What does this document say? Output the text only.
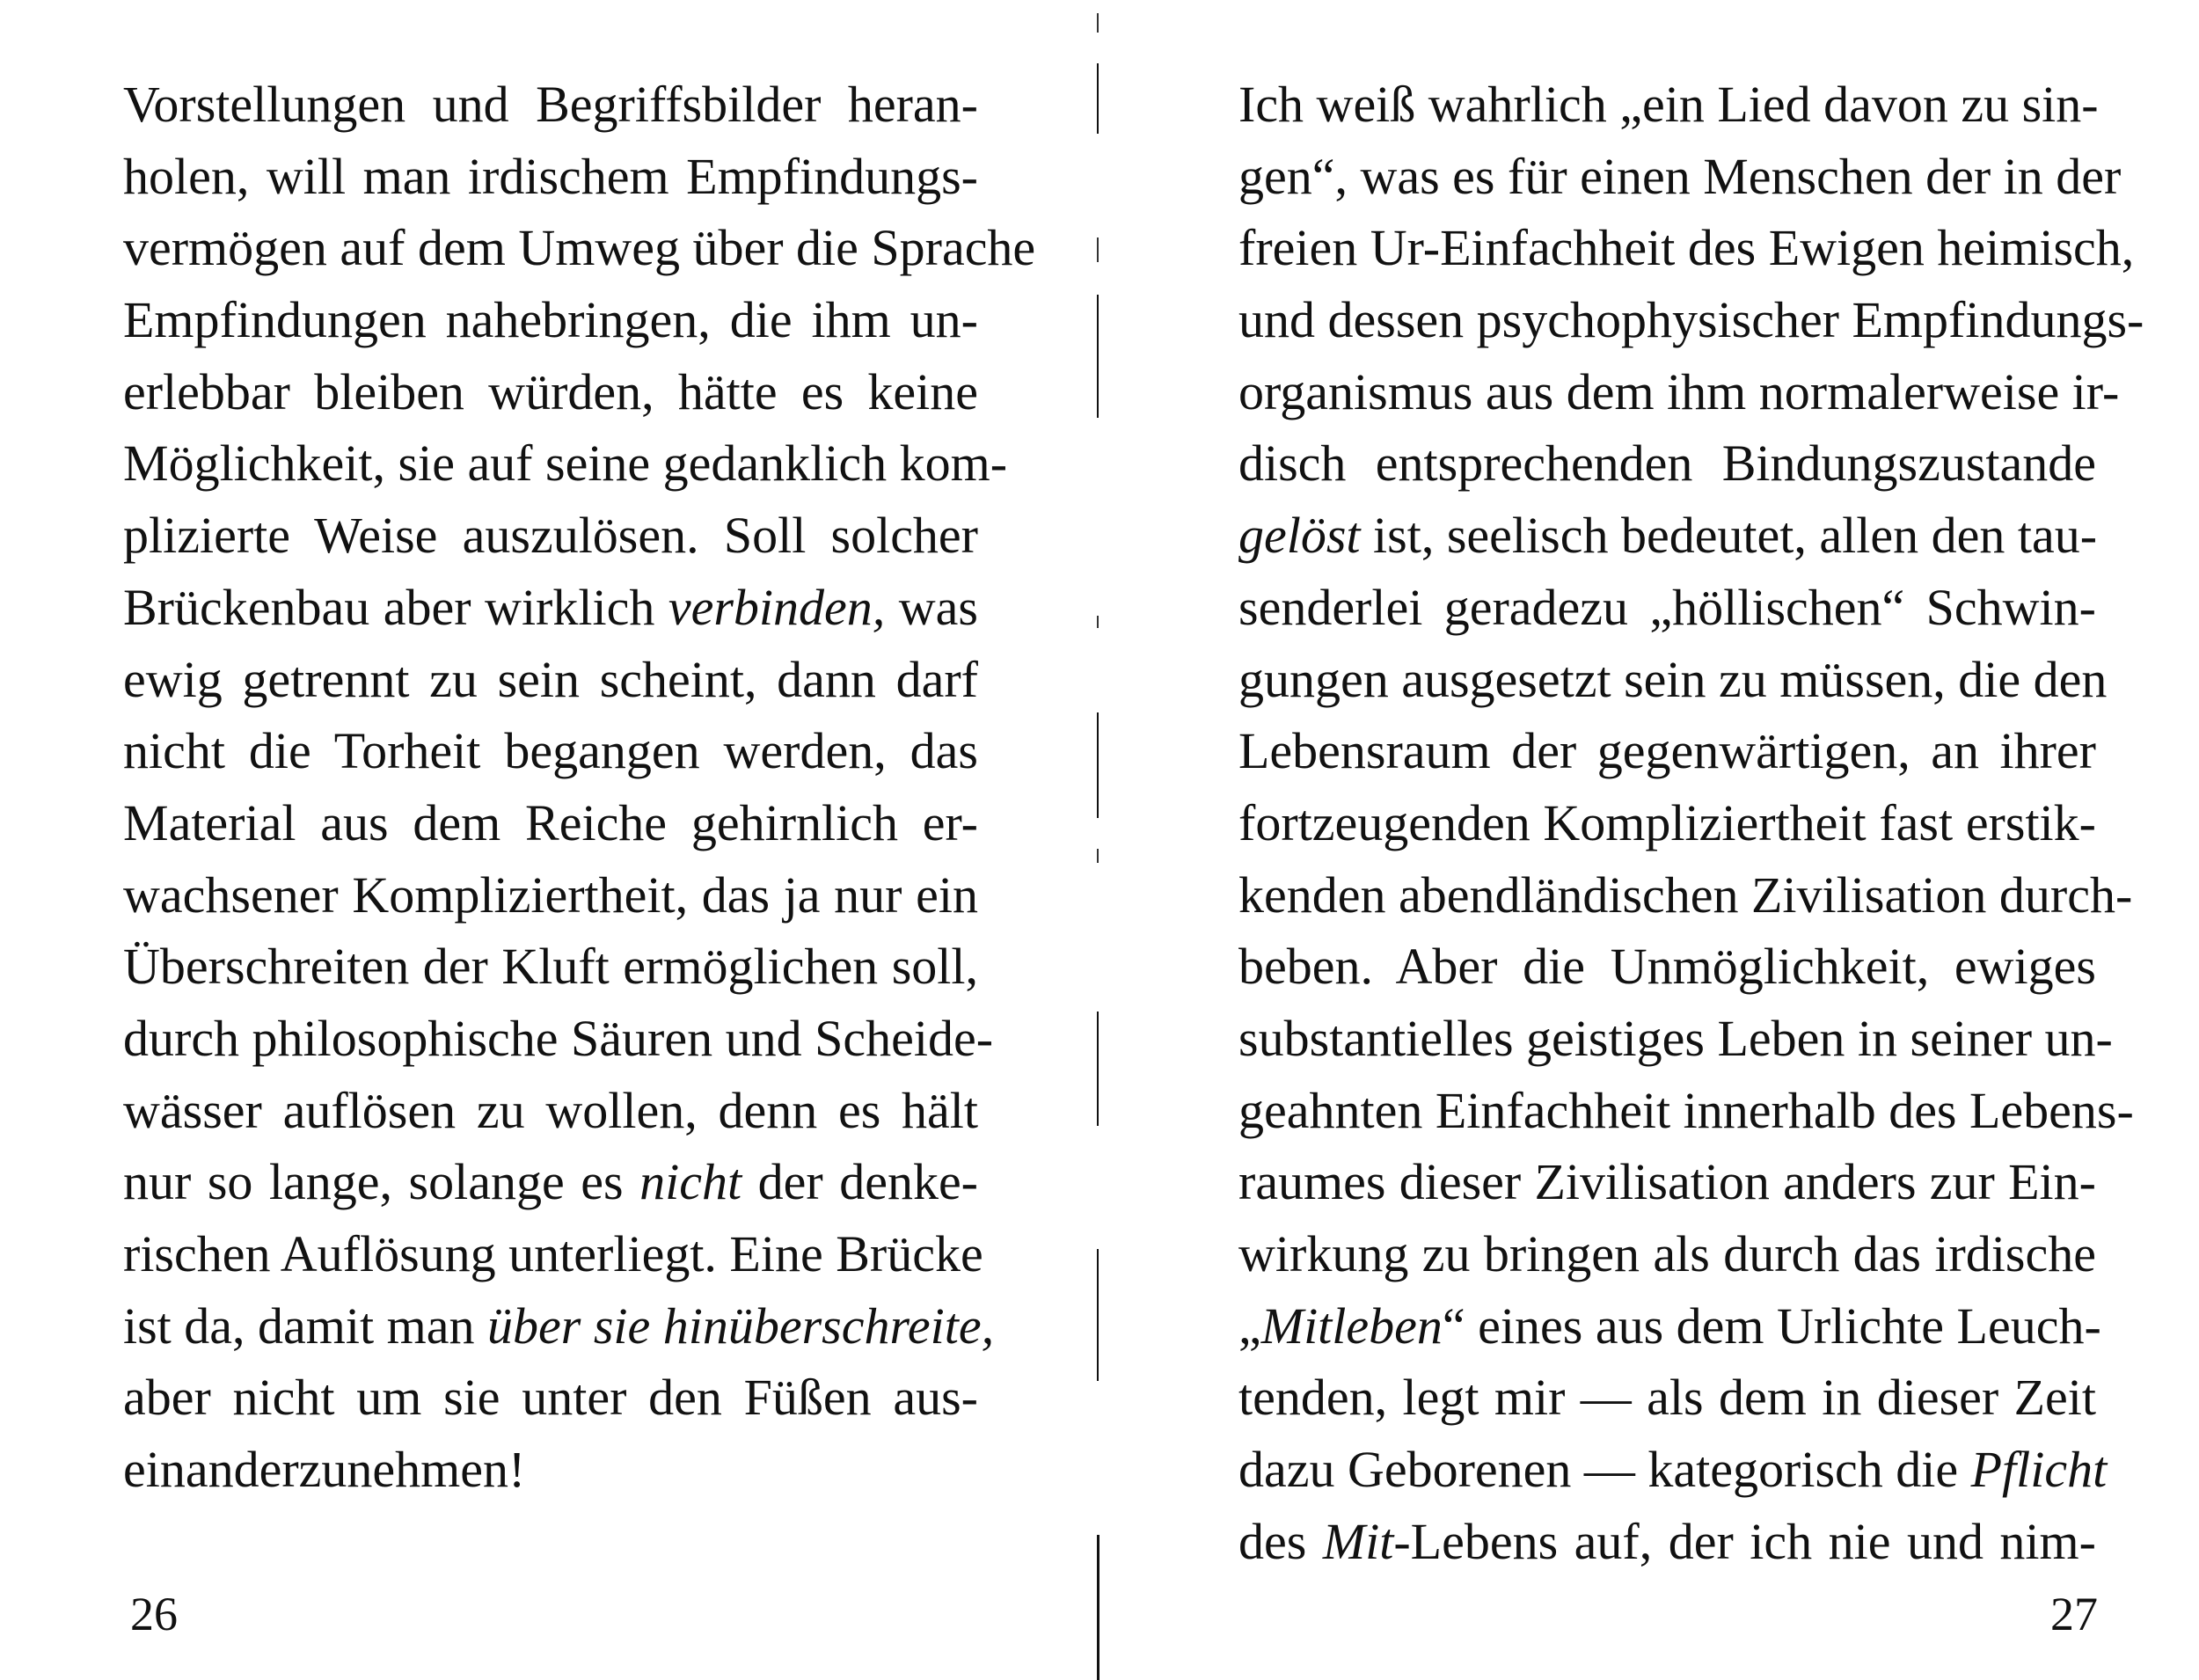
Vorstellungen und Begriffsbilder heran-
holen, will man irdischem Empfindungs-
vermögen auf dem Umweg über die Sprache
Empfindungen nahebringen, die ihm un-
erlebbar bleiben würden, hätte es keine
Möglichkeit, sie auf seine gedanklich kom-
plizierte Weise auszulösen. Soll solcher
Brückenbau aber wirklich verbinden, was
ewig getrennt zu sein scheint, dann darf
nicht die Torheit begangen werden, das
Material aus dem Reiche gehirnlich er-
wachsener Kompliziertheit, das ja nur ein
Überschreiten der Kluft ermöglichen soll,
durch philosophische Säuren und Scheide-
wässer auflösen zu wollen, denn es hält
nur so lange, solange es nicht der denke-
rischen Auflösung unterliegt. Eine Brücke
ist da, damit man über sie hinüberschreite,
aber nicht um sie unter den Füßen aus-
einanderzunehmen!
26
Ich weiß wahrlich „ein Lied davon zu sin-
gen“, was es für einen Menschen der in der
freien Ur-Einfachheit des Ewigen heimisch,
und dessen psychophysischer Empfindungs-
organismus aus dem ihm normalerweise ir-
disch entsprechenden Bindungszustande
gelöst ist, seelisch bedeutet, allen den tau-
senderlei geradezu „höllischen“ Schwin-
gungen ausgesetzt sein zu müssen, die den
Lebensraum der gegenwärtigen, an ihrer
fortzeugenden Kompliziertheit fast erstik-
kenden abendländischen Zivilisation durch-
beben. Aber die Unmöglichkeit, ewiges
substantielles geistiges Leben in seiner un-
geahnten Einfachheit innerhalb des Lebens-
raumes dieser Zivilisation anders zur Ein-
wirkung zu bringen als durch das irdische
„Mitleben“ eines aus dem Urlichte Leuch-
tenden, legt mir — als dem in dieser Zeit
dazu Geborenen — kategorisch die Pflicht
des Mit-Lebens auf, der ich nie und nim-
27
